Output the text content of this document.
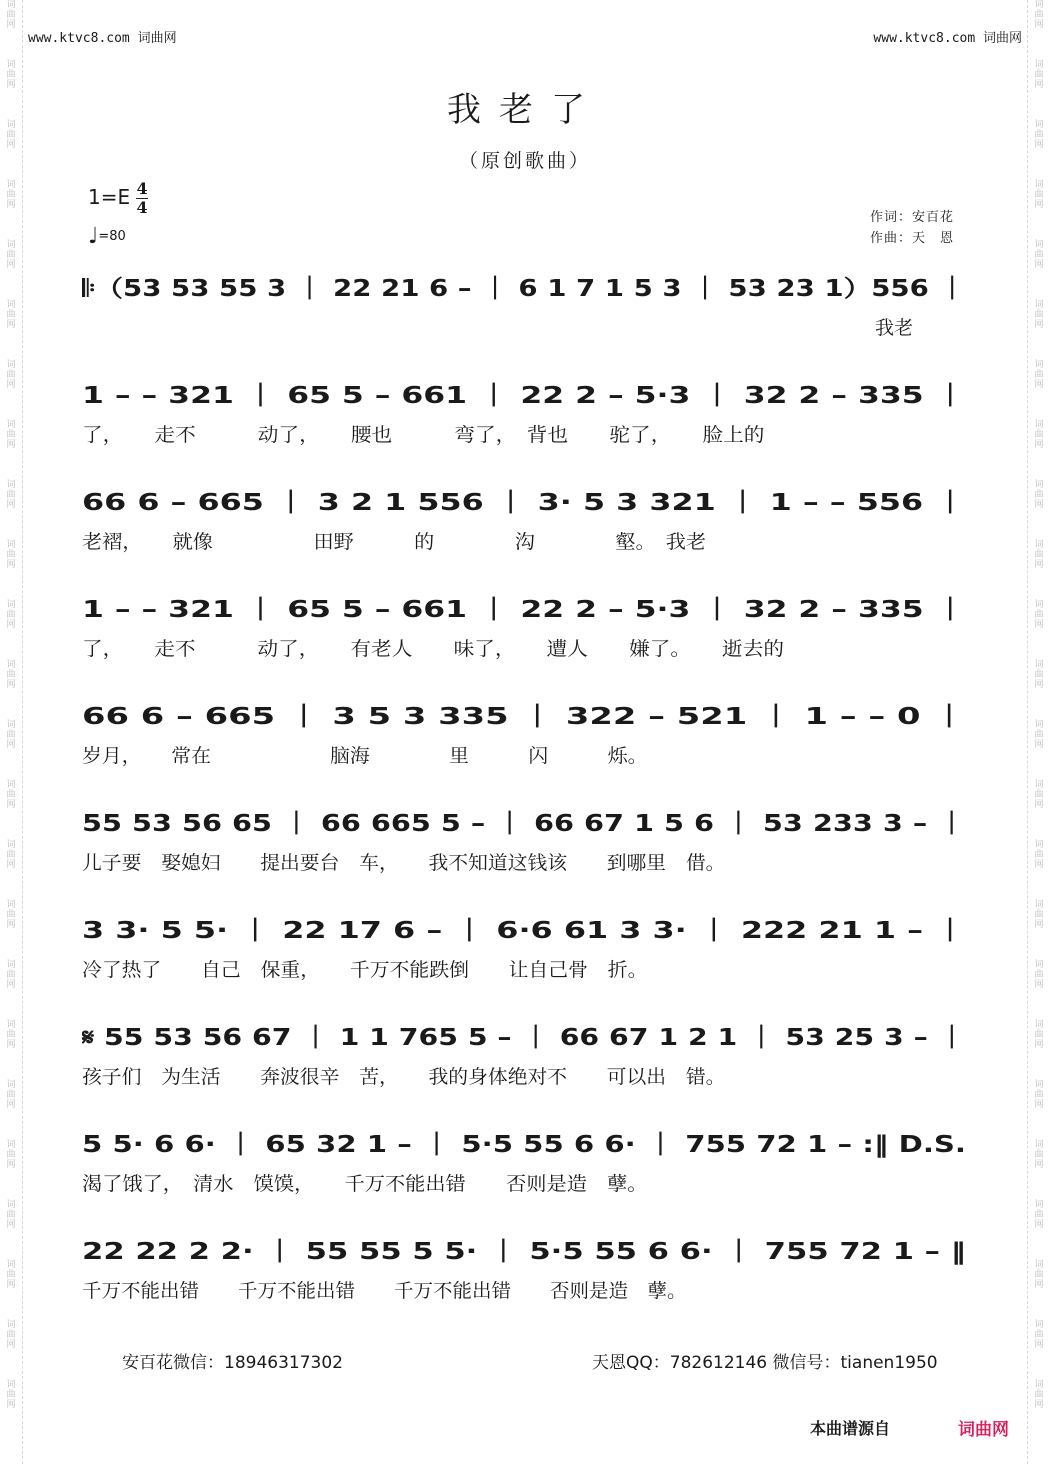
词曲网
词曲网
词曲网
词曲网
词曲网
词曲网
词曲网
词曲网
词曲网
词曲网
词曲网
词曲网
词曲网
词曲网
词曲网
词曲网
词曲网
词曲网
词曲网
词曲网
词曲网
词曲网
词曲网
词曲网
词曲网
词曲网
词曲网
词曲网
词曲网
词曲网
词曲网
词曲网
词曲网
词曲网
词曲网
词曲网
词曲网
词曲网
词曲网
词曲网
词曲网
词曲网
词曲网
词曲网
词曲网
词曲网
词曲网
词曲网
www.ktvc8.com 词曲网	www.ktvc8.com 词曲网
我老了
（原创歌曲）
$1=E \frac{4}{4}$
♩=80
作词：安百花
作曲：天　恩
𝄆（53 53 55 3 ｜ 22 21 6 – ｜ 6 1 7 1 5 3 ｜ 53 23 1）556 ｜
我老
1 – – 321 ｜ 65 5 – 661 ｜ 22 2 – 5·3 ｜ 32 2 – 335 ｜
了，　　走不　　　动了，　　腰也　　　弯了，　背也　　驼了，　　脸上的
66 6 – 665 ｜ 3 2 1 556 ｜ 3· 5 3 321 ｜ 1 – – 556 ｜
老褶，　　就像　　　　　田野　　　的　　　　沟　　　　壑。　我老
1 – – 321 ｜ 65 5 – 661 ｜ 22 2 – 5·3 ｜ 32 2 – 335 ｜
了，　　走不　　　动了，　　有老人　　味了，　　遭人　　嫌了。　　逝去的
66 6 – 665 ｜ 3 5 3 335 ｜ 322 – 521 ｜ 1 – – 0 ｜
岁月，　　常在　　　　　　脑海　　　　里　　　闪　　　烁。
55 53 56 65 ｜ 66 665 5 – ｜ 66 67 1 5 6 ｜ 53 233 3 – ｜
儿子要　娶媳妇　　提出要台　车，　　我不知道这钱该　　到哪里　借。
3 3· 5 5· ｜ 22 17 6 – ｜ 6·6 61 3 3· ｜ 222 21 1 – ｜
冷了热了　　自己　保重，　　千万不能跌倒　　让自己骨　折。
𝄋 55 53 56 67 ｜ 1 1 765 5 – ｜ 66 67 1 2 1 ｜ 53 25 3 – ｜
孩子们　为生活　　奔波很辛　苦，　　我的身体绝对不　　可以出　错。
5 5· 6 6· ｜ 65 32 1 – ｜ 5·5 55 6 6· ｜ 755 72 1 – :‖ D.S.
渴了饿了，　清水　馍馍，　　千万不能出错　　否则是造　孽。
22 22 2 2· ｜ 55 55 5 5· ｜ 5·5 55 6 6· ｜ 755 72 1 – ‖
千万不能出错　　千万不能出错　　千万不能出错　　否则是造　孽。
安百花微信：18946317302	天恩QQ：782612146 微信号：tianen1950
本曲谱源自	词曲网
